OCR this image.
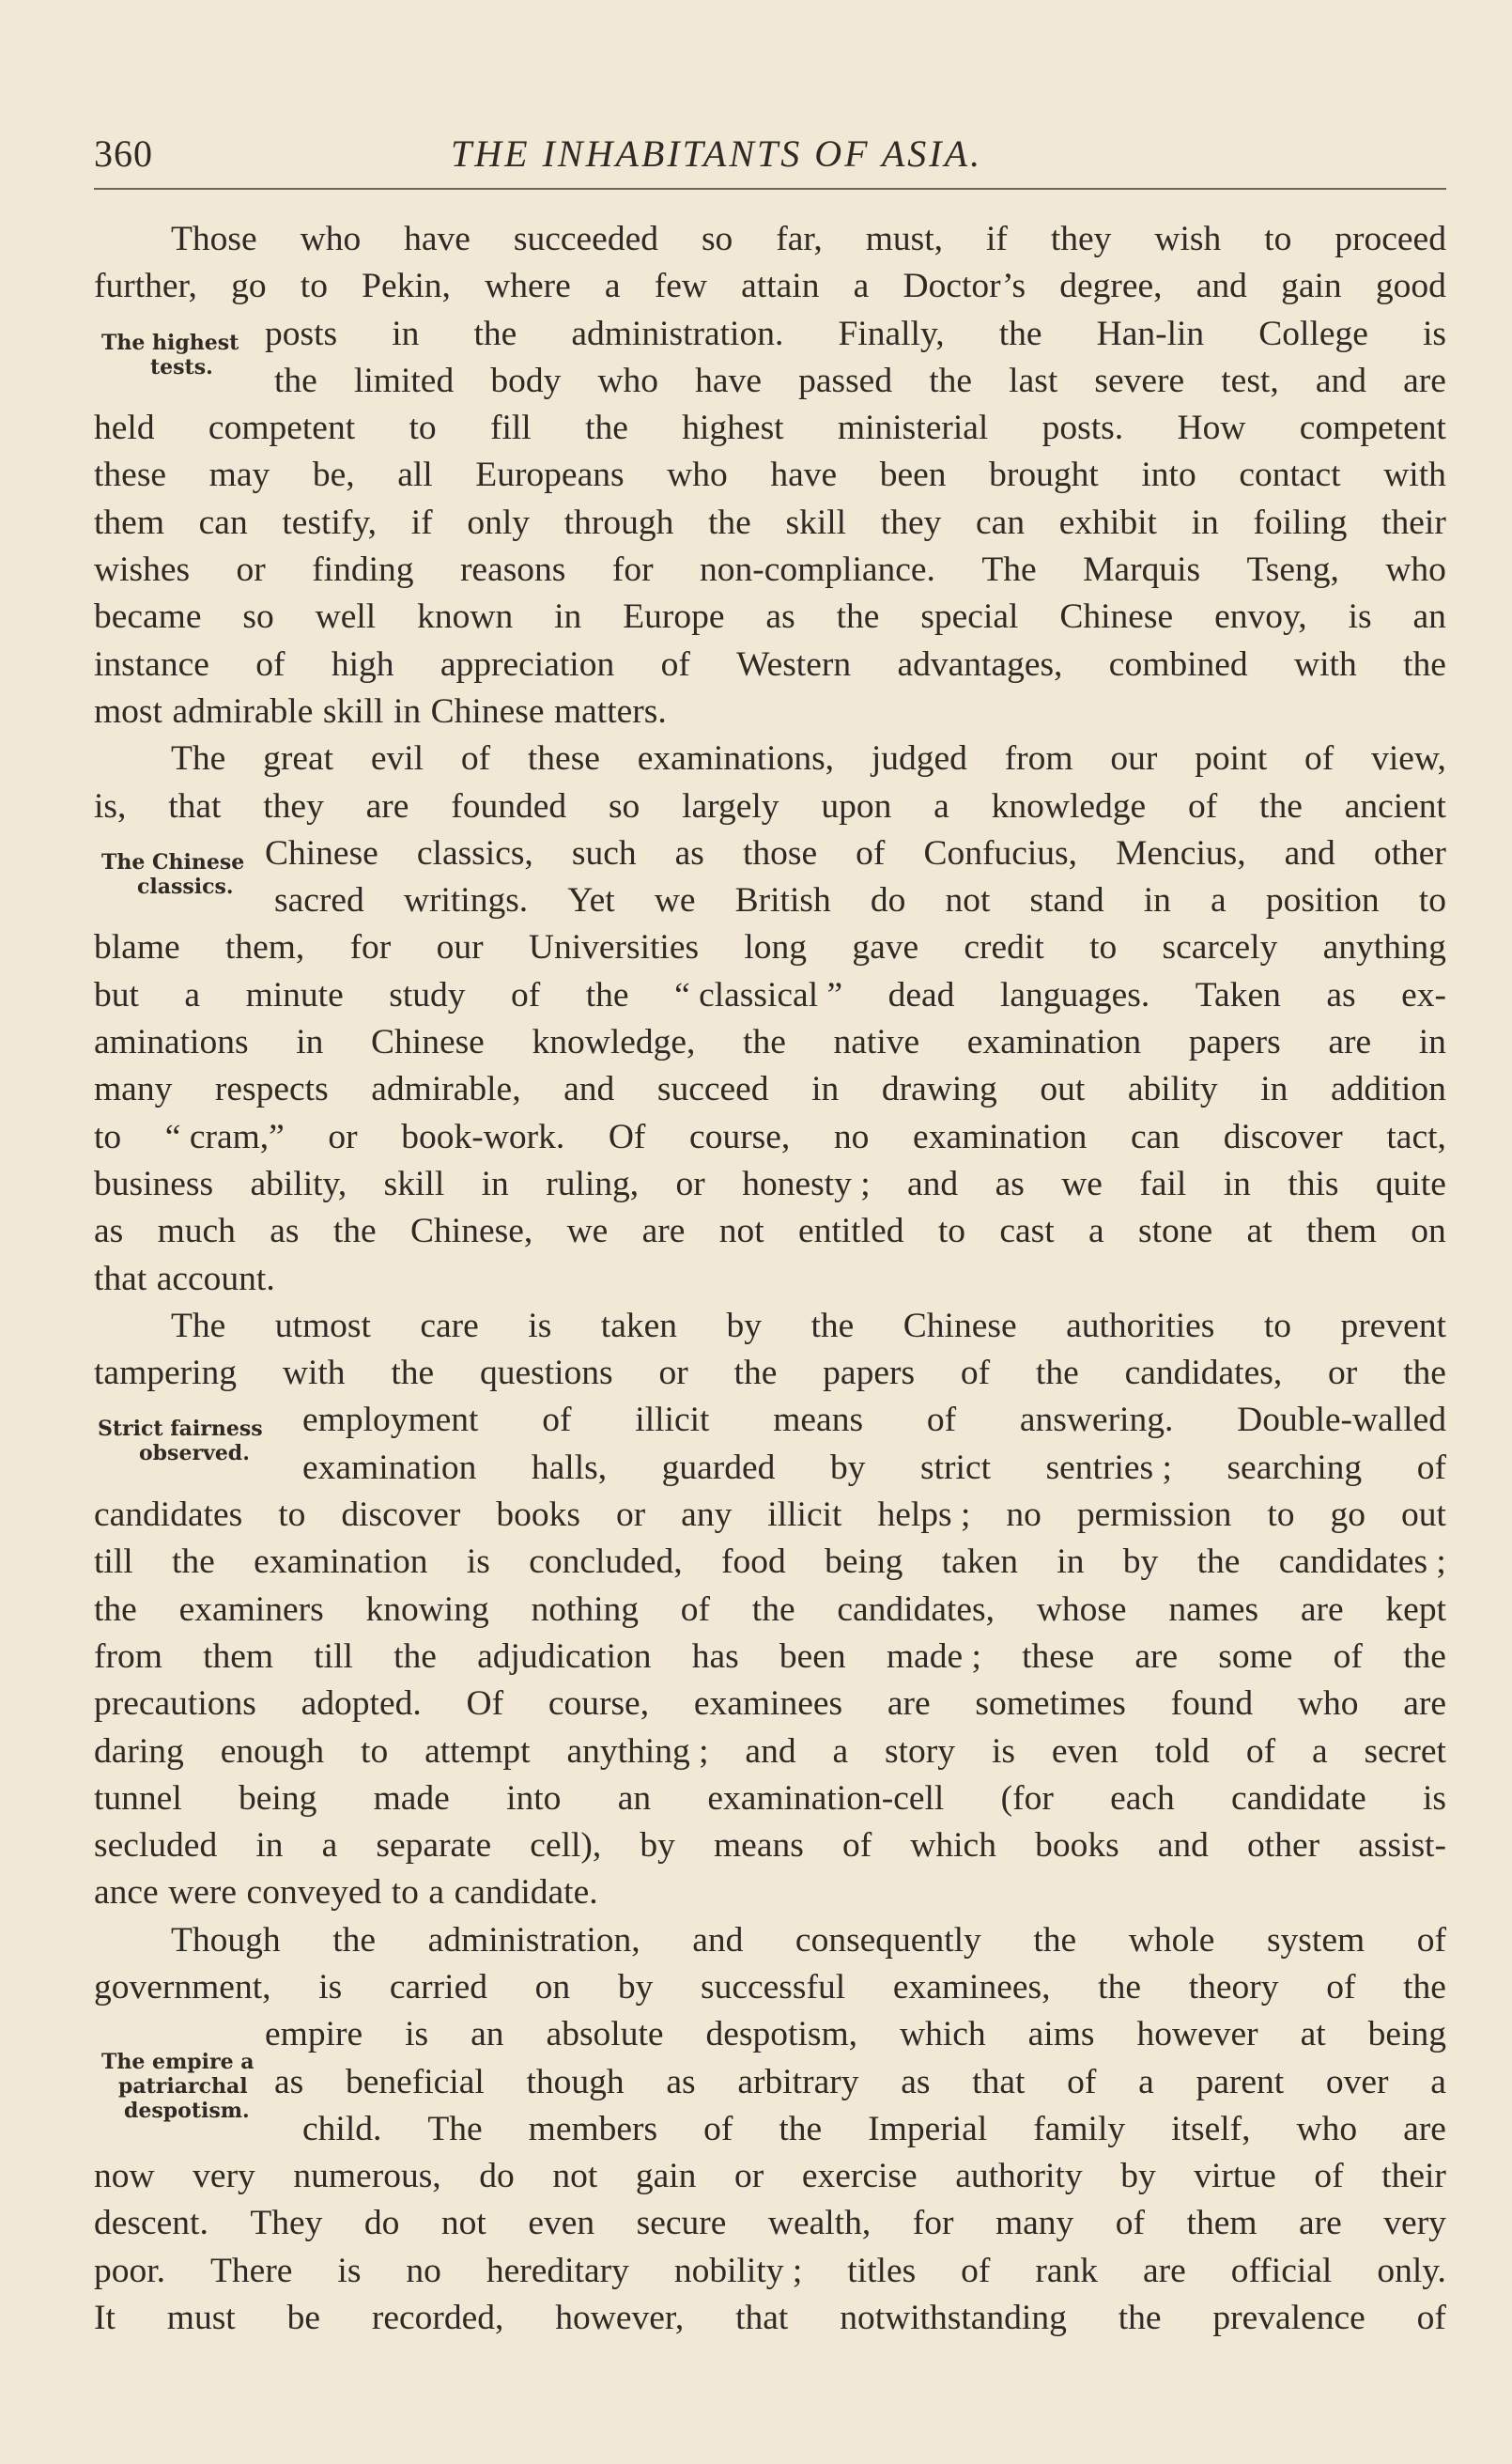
360	THE INHABITANTS OF ASIA.
The highest
tests.
The Chinese
classics.
Strict fairness
observed.
The empire a
patriarchal
despotism.
Those who have succeeded so far, must, if they wish to proceed
further, go to Pekin, where a few attain a Doctor’s degree, and gain good
posts in the administration. Finally, the Han-lin College is
the limited body who have passed the last severe test, and are
held competent to fill the highest ministerial posts. How competent
these may be, all Europeans who have been brought into contact with
them can testify, if only through the skill they can exhibit in foiling their
wishes or finding reasons for non-compliance. The Marquis Tseng, who
became so well known in Europe as the special Chinese envoy, is an
instance of high appreciation of Western advantages, combined with the
most admirable skill in Chinese matters.
The great evil of these examinations, judged from our point of view,
is, that they are founded so largely upon a knowledge of the ancient
Chinese classics, such as those of Confucius, Mencius, and other
sacred writings. Yet we British do not stand in a position to
blame them, for our Universities long gave credit to scarcely anything
but a minute study of the “ classical ” dead languages. Taken as ex-
aminations in Chinese knowledge, the native examination papers are in
many respects admirable, and succeed in drawing out ability in addition
to “ cram,” or book-work. Of course, no examination can discover tact,
business ability, skill in ruling, or honesty ; and as we fail in this quite
as much as the Chinese, we are not entitled to cast a stone at them on
that account.
The utmost care is taken by the Chinese authorities to prevent
tampering with the questions or the papers of the candidates, or the
employment of illicit means of answering. Double-walled
examination halls, guarded by strict sentries ; searching of
candidates to discover books or any illicit helps ; no permission to go out
till the examination is concluded, food being taken in by the candidates ;
the examiners knowing nothing of the candidates, whose names are kept
from them till the adjudication has been made ; these are some of the
precautions adopted. Of course, examinees are sometimes found who are
daring enough to attempt anything ; and a story is even told of a secret
tunnel being made into an examination-cell (for each candidate is
secluded in a separate cell), by means of which books and other assist-
ance were conveyed to a candidate.
Though the administration, and consequently the whole system of
government, is carried on by successful examinees, the theory of the
empire is an absolute despotism, which aims however at being
as beneficial though as arbitrary as that of a parent over a
child. The members of the Imperial family itself, who are
now very numerous, do not gain or exercise authority by virtue of their
descent. They do not even secure wealth, for many of them are very
poor. There is no hereditary nobility ; titles of rank are official only.
It must be recorded, however, that notwithstanding the prevalence of
